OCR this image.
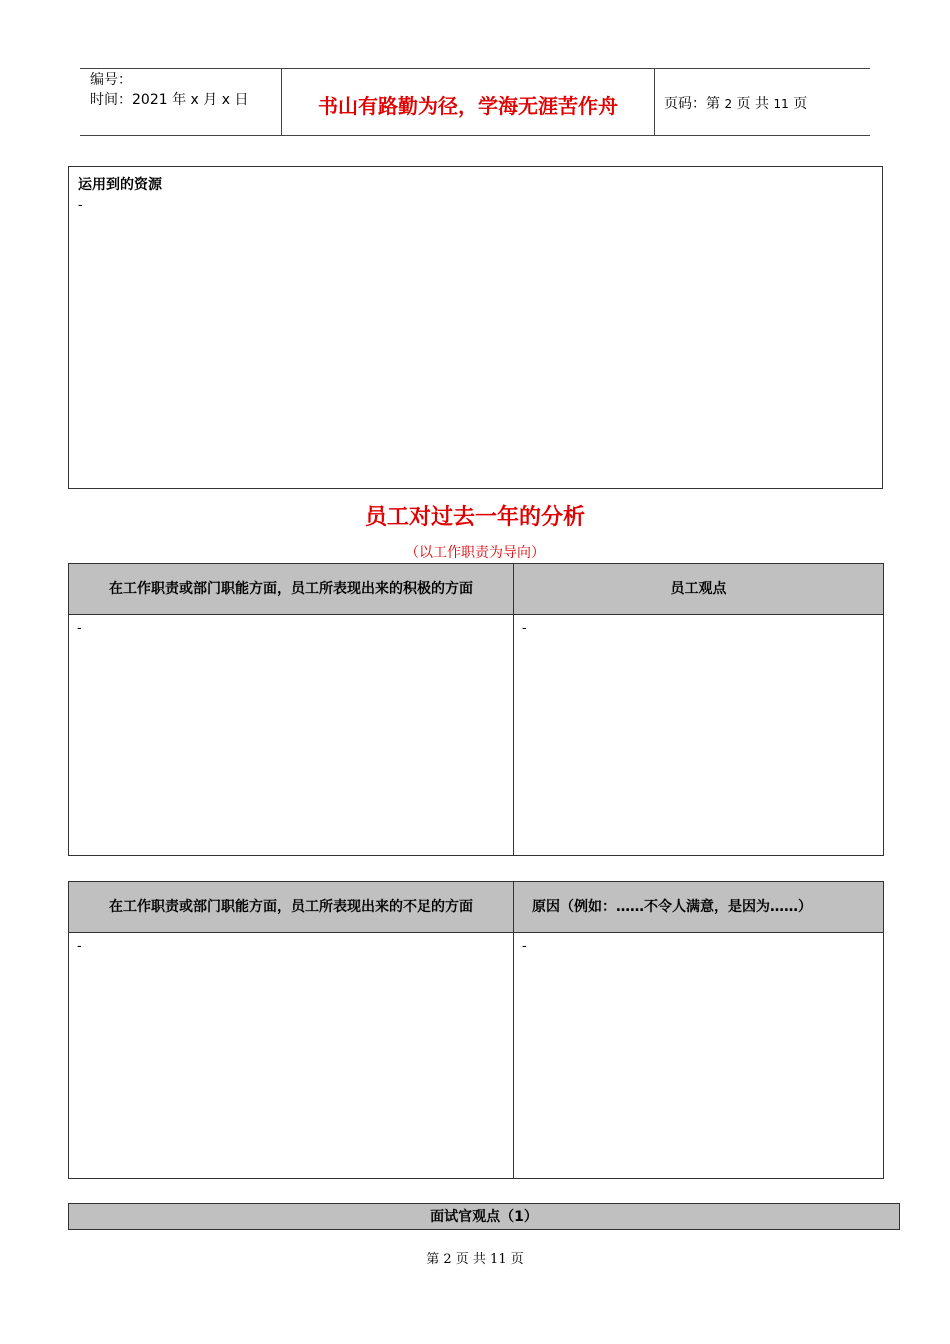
编号：
时间：2021 年 x 月 x 日	书山有路勤为径，学海无涯苦作舟	页码：第 2 页 共 11 页
运用到的资源
-
员工对过去一年的分析
（以工作职责为导向）
在工作职责或部门职能方面，员工所表现出来的积极的方面	员工观点
-	-
在工作职责或部门职能方面，员工所表现出来的不足的方面	原因（例如：……不令人满意，是因为……）
-	-
面试官观点（1）
第 2 页 共 11 页
